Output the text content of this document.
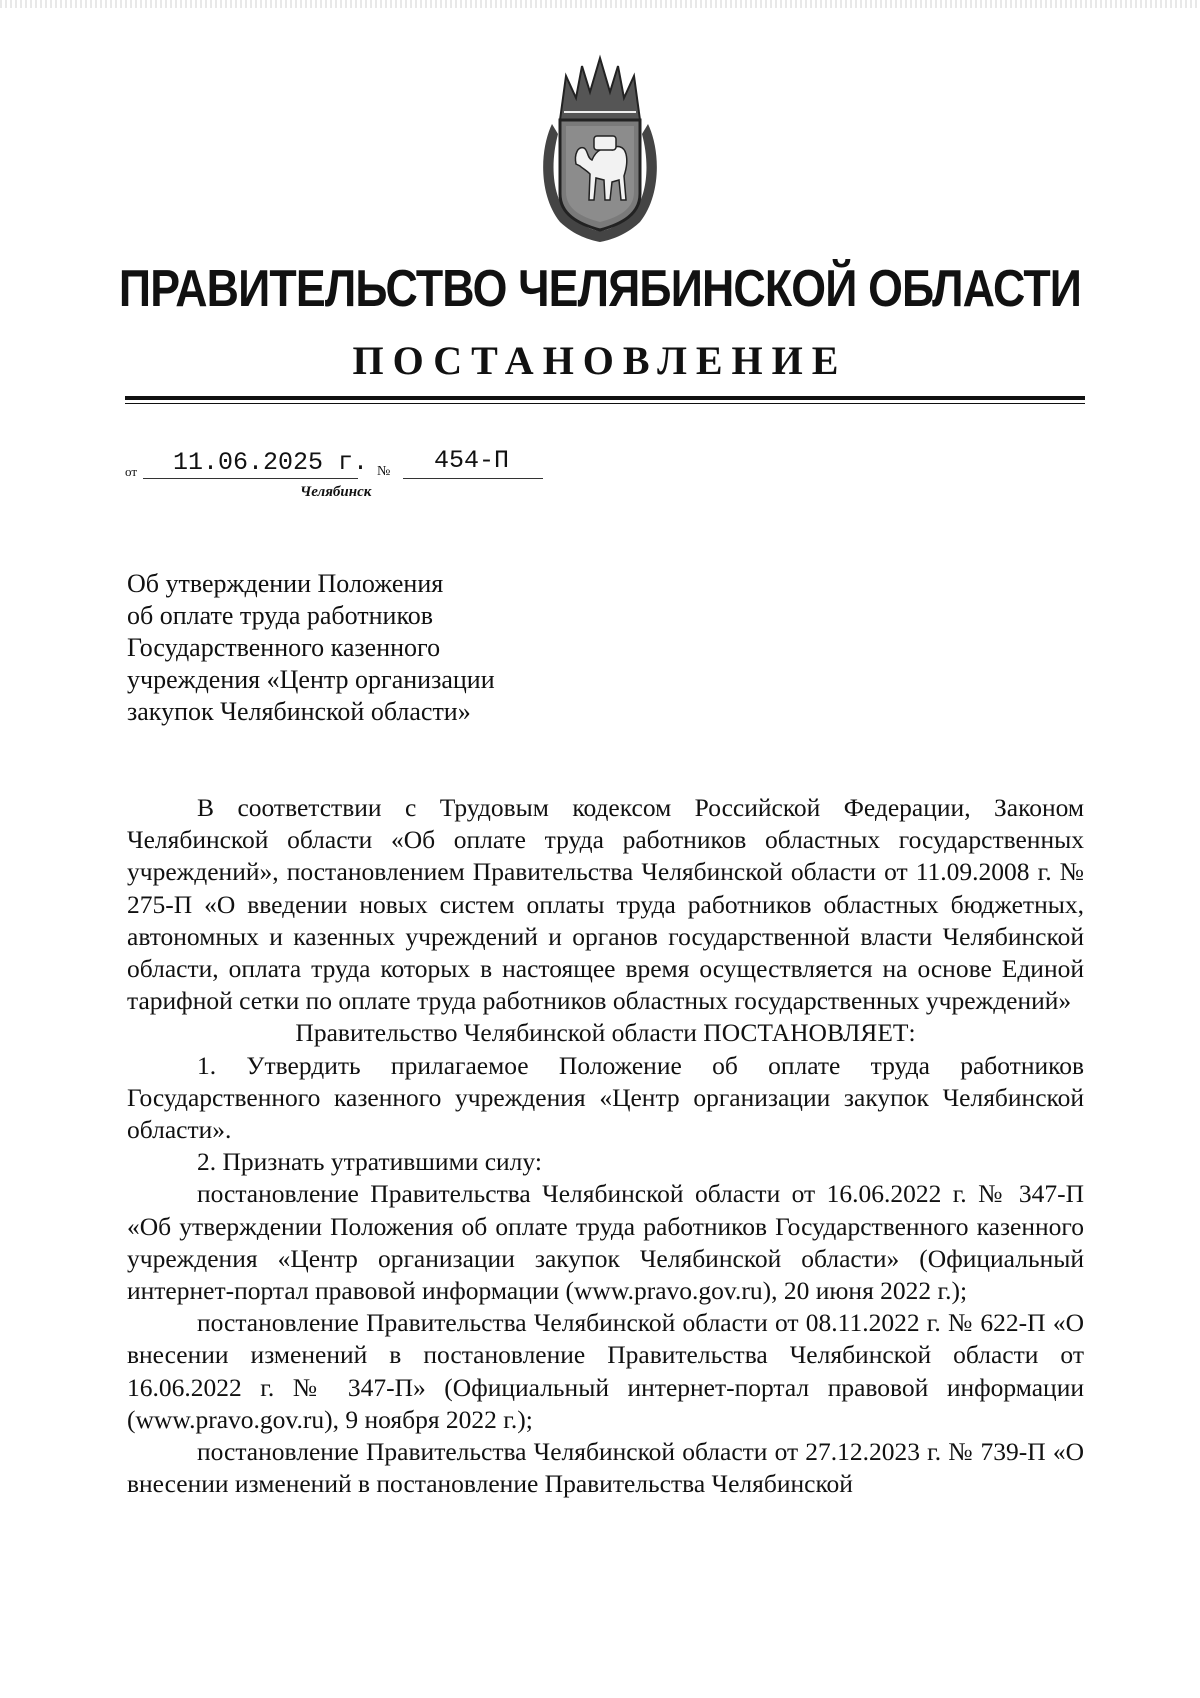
ПРАВИТЕЛЬСТВО ЧЕЛЯБИНСКОЙ ОБЛАСТИ
ПОСТАНОВЛЕНИЕ
от 11.06.2025 г. № 454-П
Челябинск
Об утверждении Положения
об оплате труда работников
Государственного казенного
учреждения «Центр организации
закупок Челябинской области»

В соответствии с Трудовым кодексом Российской Федерации, Законом Челябинской области «Об оплате труда работников областных государственных учреждений», постановлением Правительства Челябинской области от 11.09.2008 г. № 275-П «О введении новых систем оплаты труда работников областных бюджетных, автономных и казенных учреждений и органов государственной власти Челябинской области, оплата труда которых в настоящее время осуществляется на основе Единой тарифной сетки по оплате труда работников областных государственных учреждений»

Правительство Челябинской области ПОСТАНОВЛЯЕТ:

1. Утвердить прилагаемое Положение об оплате труда работников Государственного казенного учреждения «Центр организации закупок Челябинской области».

2. Признать утратившими силу:

постановление Правительства Челябинской области от 16.06.2022 г. № 347-П «Об утверждении Положения об оплате труда работников Государственного казенного учреждения «Центр организации закупок Челябинской области» (Официальный интернет-портал правовой информации (www.pravo.gov.ru), 20 июня 2022 г.);

постановление Правительства Челябинской области от 08.11.2022 г. № 622-П «О внесении изменений в постановление Правительства Челябинской области от 16.06.2022 г. № 347-П» (Официальный интернет-портал правовой информации (www.pravo.gov.ru), 9 ноября 2022 г.);

постановление Правительства Челябинской области от 27.12.2023 г. № 739-П «О внесении изменений в постановление Правительства Челябинской
